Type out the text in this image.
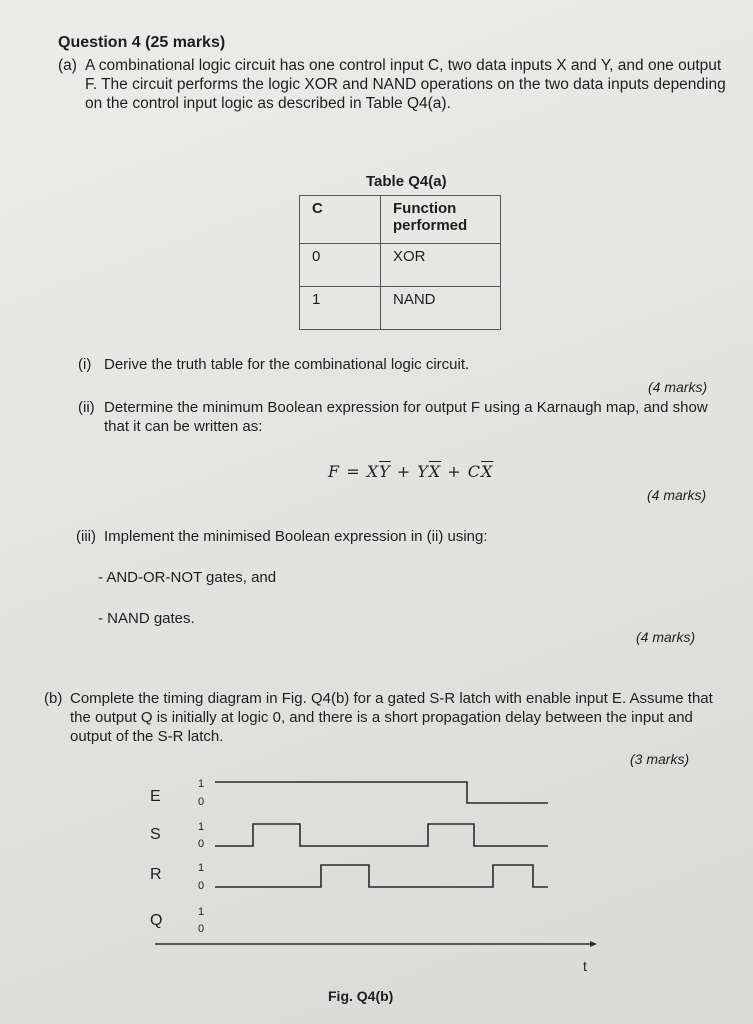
Question 4 (25 marks)
(a) A combinational logic circuit has one control input C, two data inputs X and Y, and one output F. The circuit performs the logic XOR and NAND operations on the two data inputs depending on the control input logic as described in Table Q4(a).
Table Q4(a)
C	Function performed
0	XOR
1	NAND
(i) Derive the truth table for the combinational logic circuit.
(4 marks)
(ii) Determine the minimum Boolean expression for output F using a Karnaugh map, and show that it can be written as:
$F = X\overline{Y} + Y\overline{X} + C\overline{X}$
(4 marks)
(iii) Implement the minimised Boolean expression in (ii) using:
- AND-OR-NOT gates, and
- NAND gates.
(4 marks)
(b) Complete the timing diagram in Fig. Q4(b) for a gated S-R latch with enable input E. Assume that the output Q is initially at logic 0, and there is a short propagation delay between the input and output of the S-R latch.
(3 marks)
E
1
0
S	1
0
R	1
0
Q	1
0
t
Fig. Q4(b)
